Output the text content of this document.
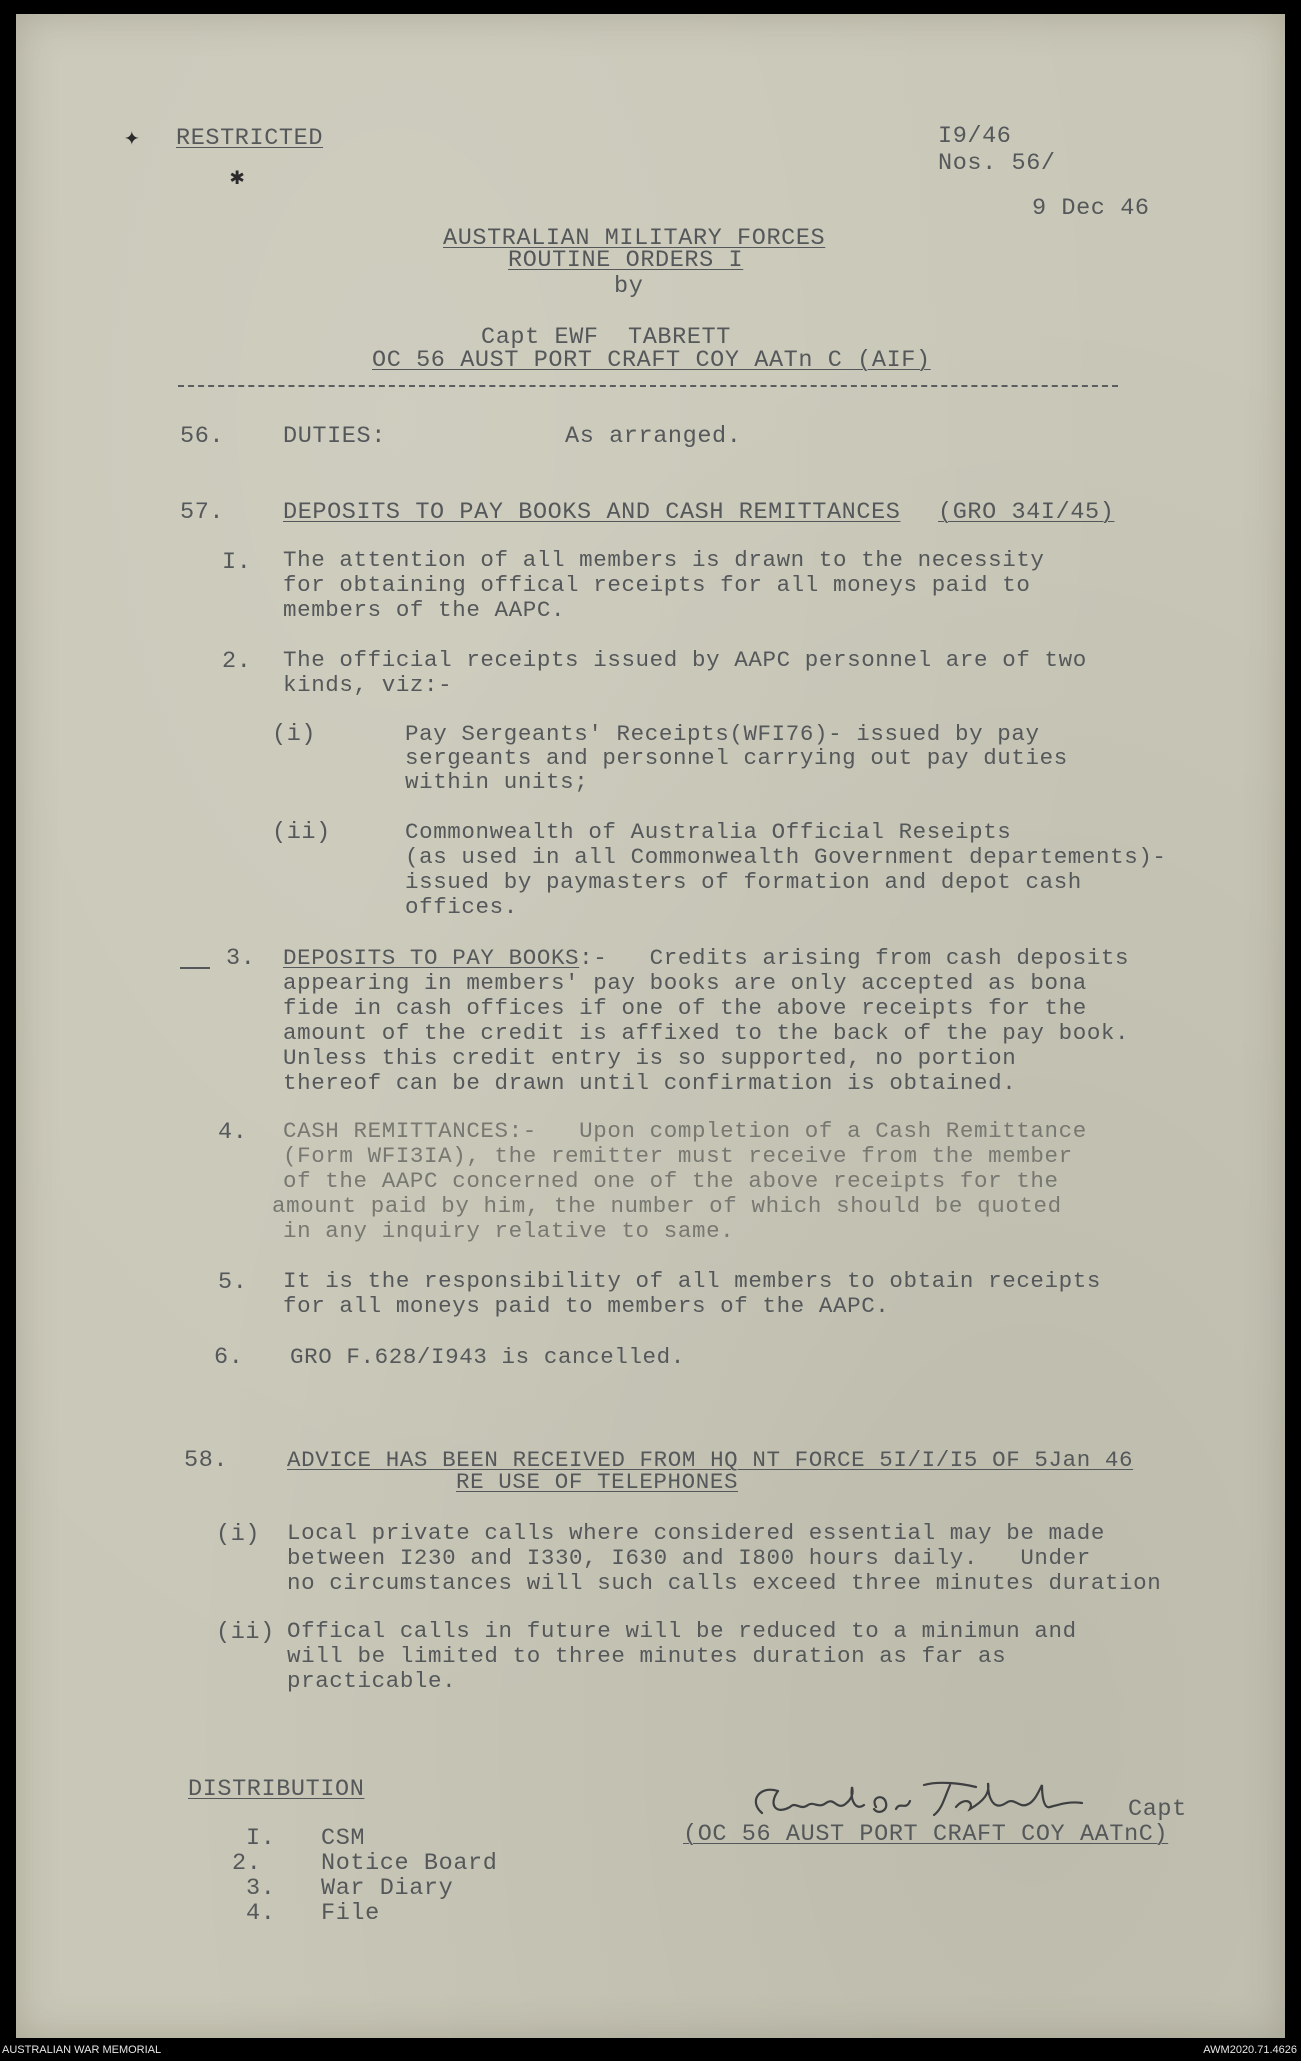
✦
✱
RESTRICTED	I9/46
Nos. 56/
9 Dec 46
AUSTRALIAN MILITARY FORCES
ROUTINE ORDERS I
by
Capt EWF  TABRETT
OC 56 AUST PORT CRAFT COY AATn C (AIF)
56.	DUTIES:	As arranged.
57.	DEPOSITS TO PAY BOOKS AND CASH REMITTANCES (GRO 34I/45)
I. The attention of all members is drawn to the necessity
for obtaining offical receipts for all moneys paid to
members of the AAPC.
2. The official receipts issued by AAPC personnel are of two
kinds, viz:-
(i)	Pay Sergeants' Receipts(WFI76)- issued by pay
sergeants and personnel carrying out pay duties
within units;
(ii)	Commonwealth of Australia Official Reseipts
(as used in all Commonwealth Government departements)-
issued by paymasters of formation and depot cash
offices.
3. DEPOSITS TO PAY BOOKS:-   Credits arising from cash deposits
appearing in members' pay books are only accepted as bona
fide in cash offices if one of the above receipts for the
amount of the credit is affixed to the back of the pay book.
Unless this credit entry is so supported, no portion
thereof can be drawn until confirmation is obtained.
4. CASH REMITTANCES:-   Upon completion of a Cash Remittance
(Form WFI3IA), the remitter must receive from the member
of the AAPC concerned one of the above receipts for the
amount paid by him, the number of which should be quoted
in any inquiry relative to same.
5. It is the responsibility of all members to obtain receipts
for all moneys paid to members of the AAPC.
6. GRO F.628/I943 is cancelled.
58.	ADVICE HAS BEEN RECEIVED FROM HQ NT FORCE 5I/I/I5 OF 5Jan 46
RE USE OF TELEPHONES
(i) Local private calls where considered essential may be made
between I230 and I330, I630 and I800 hours daily.   Under
no circumstances will such calls exceed three minutes duration
(ii) Offical calls in future will be reduced to a minimun and
will be limited to three minutes duration as far as
practicable.
DISTRIBUTION
I. CSM
2.	Notice Board
3. War Diary
4. File
Capt
(OC 56 AUST PORT CRAFT COY AATnC)
AUSTRALIAN WAR MEMORIAL	AWM2020.71.4626
